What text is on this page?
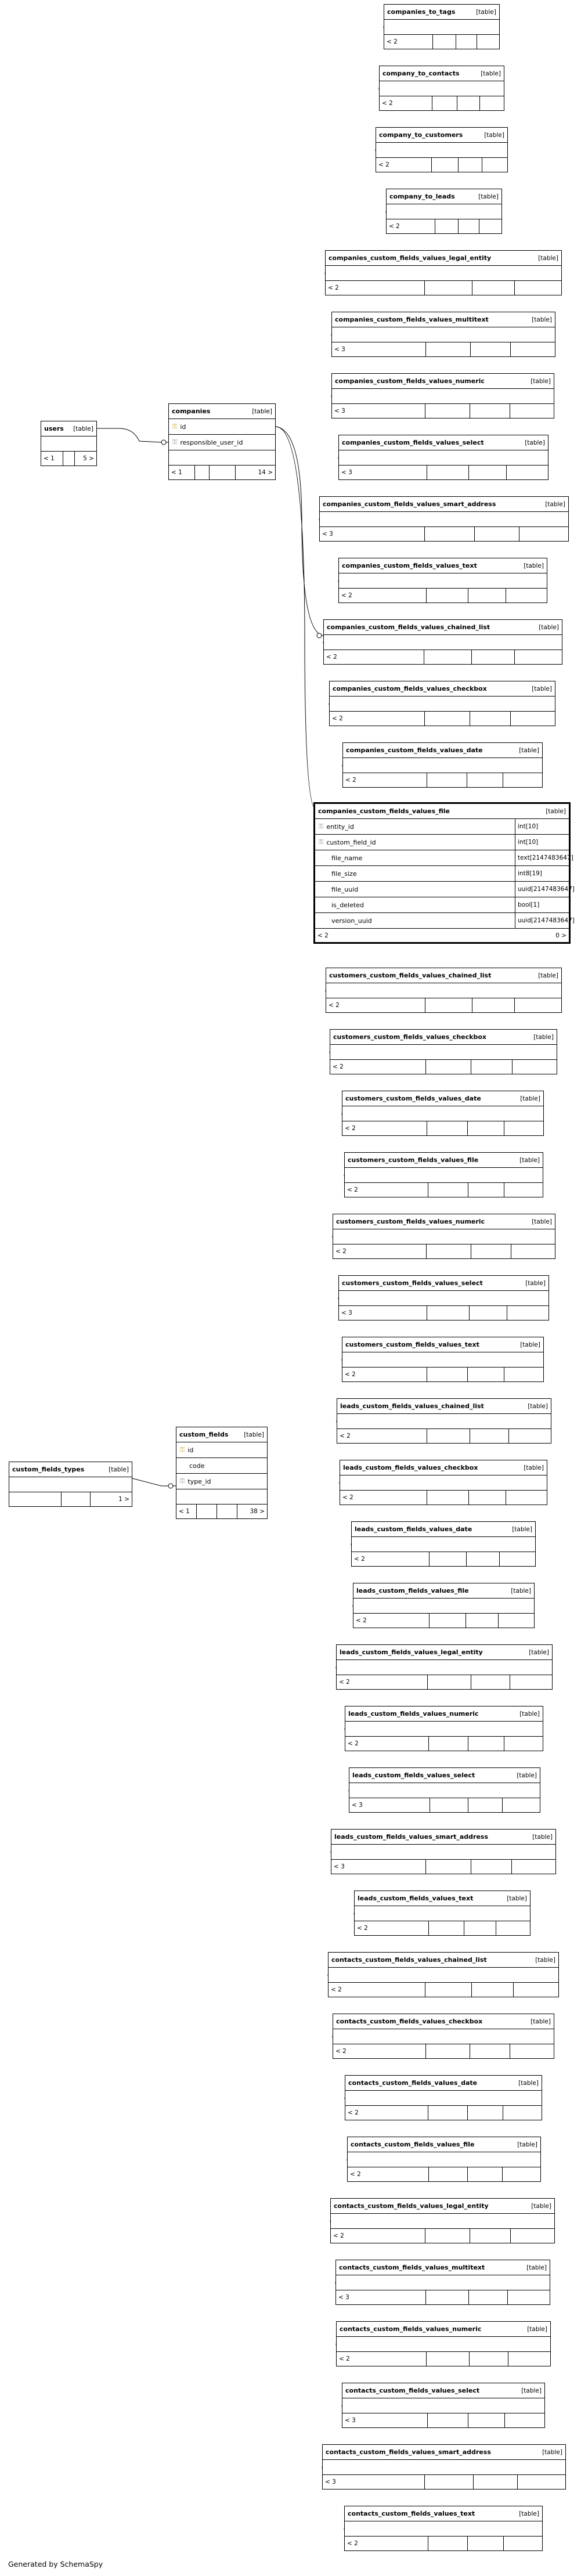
users [table]
< 1	5 >
companies	[table]
⚿ id
⚿ responsible_user_id
< 1	14 >
custom_fields_types	[table]
1 >
custom_fields	[table]
⚿ id
code
⚿ type_id
< 1	38 >
companies_custom_fields_values_file	[table]
⚿ entity_id	int[10]
⚿ custom_field_id	int[10]
file_name	text[2147483647]
file_size	int8[19]
file_uuid	uuid[2147483647]
is_deleted	bool[1]
version_uuid	uuid[2147483647]
< 2	0 >
companies_to_tags	[table]
< 2
company_to_contacts	[table]
< 2
company_to_customers	[table]
< 2
company_to_leads	[table]
< 2
companies_custom_fields_values_legal_entity	[table]
< 2
companies_custom_fields_values_multitext	[table]
< 3
companies_custom_fields_values_numeric	[table]
< 3
companies_custom_fields_values_select	[table]
< 3
companies_custom_fields_values_smart_address	[table]
< 3
companies_custom_fields_values_text	[table]
< 2
companies_custom_fields_values_chained_list	[table]
< 2
companies_custom_fields_values_checkbox	[table]
< 2
companies_custom_fields_values_date	[table]
< 2
customers_custom_fields_values_chained_list	[table]
< 2
customers_custom_fields_values_checkbox	[table]
< 2
customers_custom_fields_values_date	[table]
< 2
customers_custom_fields_values_file	[table]
< 2
customers_custom_fields_values_numeric	[table]
< 2
customers_custom_fields_values_select	[table]
< 3
customers_custom_fields_values_text	[table]
< 2
leads_custom_fields_values_chained_list	[table]
< 2
leads_custom_fields_values_checkbox	[table]
< 2
leads_custom_fields_values_date	[table]
< 2
leads_custom_fields_values_file	[table]
< 2
leads_custom_fields_values_legal_entity	[table]
< 2
leads_custom_fields_values_numeric	[table]
< 2
leads_custom_fields_values_select	[table]
< 3
leads_custom_fields_values_smart_address	[table]
< 3
leads_custom_fields_values_text	[table]
< 2
contacts_custom_fields_values_chained_list	[table]
< 2
contacts_custom_fields_values_checkbox	[table]
< 2
contacts_custom_fields_values_date	[table]
< 2
contacts_custom_fields_values_file	[table]
< 2
contacts_custom_fields_values_legal_entity	[table]
< 2
contacts_custom_fields_values_multitext	[table]
< 3
contacts_custom_fields_values_numeric	[table]
< 2
contacts_custom_fields_values_select	[table]
< 3
contacts_custom_fields_values_smart_address	[table]
< 3
contacts_custom_fields_values_text	[table]
< 2
Generated by SchemaSpy
